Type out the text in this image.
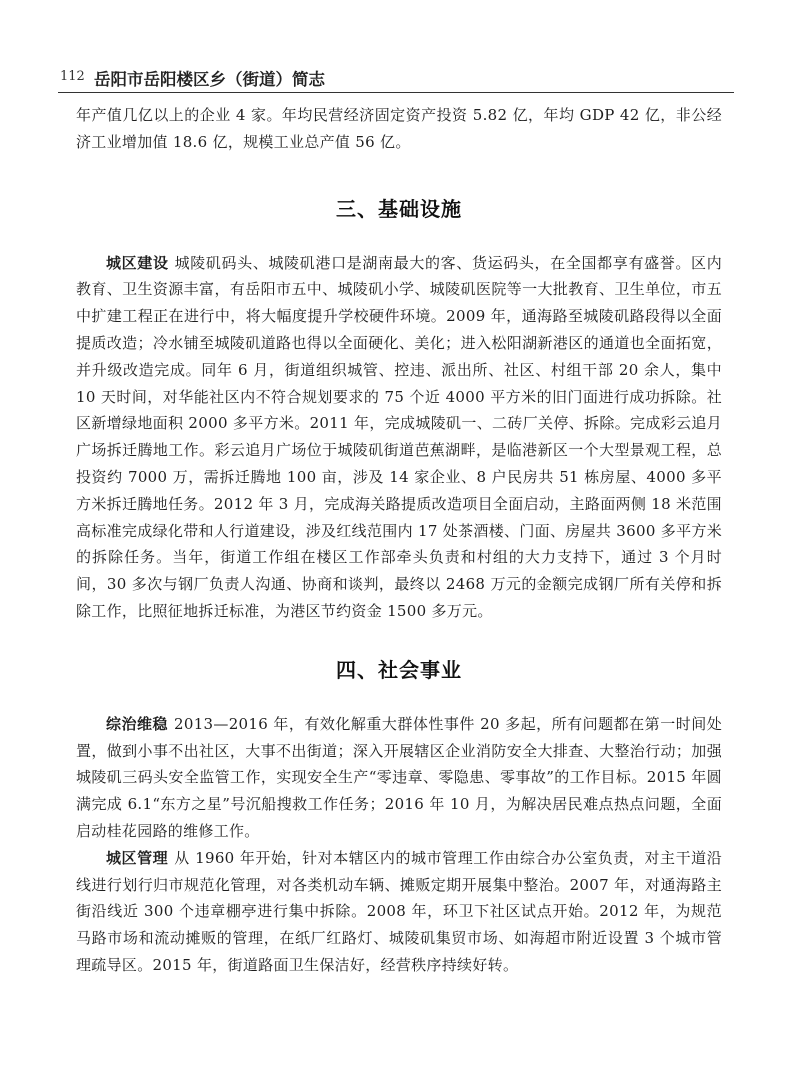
112 岳阳市岳阳楼区乡（街道）简志

年产值几亿以上的企业 4 家。年均民营经济固定资产投资 5.82 亿，年均 GDP 42 亿，非公经济工业增加值 18.6 亿，规模工业总产值 56 亿。

三、基础设施

城区建设 城陵矶码头、城陵矶港口是湖南最大的客、货运码头，在全国都享有盛誉。区内教育、卫生资源丰富，有岳阳市五中、城陵矶小学、城陵矶医院等一大批教育、卫生单位，市五中扩建工程正在进行中，将大幅度提升学校硬件环境。2009 年，通海路至城陵矶路段得以全面提质改造；冷水铺至城陵矶道路也得以全面硬化、美化；进入松阳湖新港区的通道也全面拓宽，并升级改造完成。同年 6 月，街道组织城管、控违、派出所、社区、村组干部 20 余人，集中 10 天时间，对华能社区内不符合规划要求的 75 个近 4000 平方米的旧门面进行成功拆除。社区新增绿地面积 2000 多平方米。2011 年，完成城陵矶一、二砖厂关停、拆除。完成彩云追月广场拆迁腾地工作。彩云追月广场位于城陵矶街道芭蕉湖畔，是临港新区一个大型景观工程，总投资约 7000 万，需拆迁腾地 100 亩，涉及 14 家企业、8 户民房共 51 栋房屋、4000 多平方米拆迁腾地任务。2012 年 3 月，完成海关路提质改造项目全面启动，主路面两侧 18 米范围高标准完成绿化带和人行道建设，涉及红线范围内 17 处茶酒楼、门面、房屋共 3600 多平方米的拆除任务。当年，街道工作组在楼区工作部牵头负责和村组的大力支持下，通过 3 个月时间，30 多次与钢厂负责人沟通、协商和谈判，最终以 2468 万元的金额完成钢厂所有关停和拆除工作，比照征地拆迁标准，为港区节约资金 1500 多万元。

四、社会事业

综治维稳 2013—2016 年，有效化解重大群体性事件 20 多起，所有问题都在第一时间处置，做到小事不出社区，大事不出街道；深入开展辖区企业消防安全大排查、大整治行动；加强城陵矶三码头安全监管工作，实现安全生产“零违章、零隐患、零事故”的工作目标。2015 年圆满完成 6.1“东方之星”号沉船搜救工作任务；2016 年 10 月，为解决居民难点热点问题，全面启动桂花园路的维修工作。

城区管理 从 1960 年开始，针对本辖区内的城市管理工作由综合办公室负责，对主干道沿线进行划行归市规范化管理，对各类机动车辆、摊贩定期开展集中整治。2007 年，对通海路主街沿线近 300 个违章棚亭进行集中拆除。2008 年，环卫下社区试点开始。2012 年，为规范马路市场和流动摊贩的管理，在纸厂红路灯、城陵矶集贸市场、如海超市附近设置 3 个城市管理疏导区。2015 年，街道路面卫生保洁好，经营秩序持续好转。
